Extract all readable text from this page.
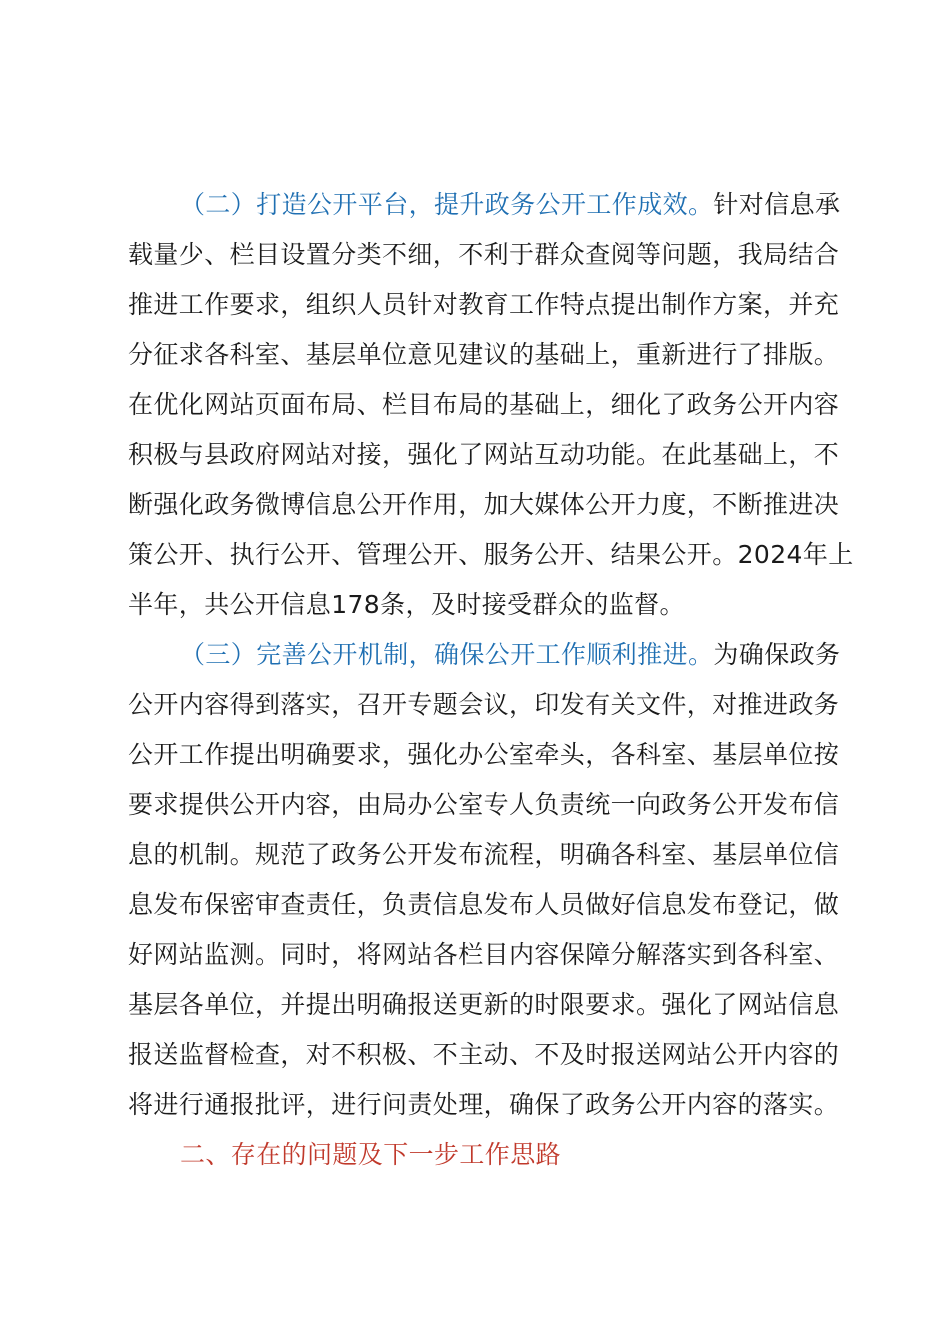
（二）打造公开平台，提升政务公开工作成效。针对信息承
载量少、栏目设置分类不细，不利于群众查阅等问题，我局结合
推进工作要求，组织人员针对教育工作特点提出制作方案，并充
分征求各科室、基层单位意见建议的基础上，重新进行了排版。
在优化网站页面布局、栏目布局的基础上，细化了政务公开内容
积极与县政府网站对接，强化了网站互动功能。在此基础上，不
断强化政务微博信息公开作用，加大媒体公开力度，不断推进决
策公开、执行公开、管理公开、服务公开、结果公开。2024年上
半年，共公开信息178条，及时接受群众的监督。
（三）完善公开机制，确保公开工作顺利推进。为确保政务
公开内容得到落实，召开专题会议，印发有关文件，对推进政务
公开工作提出明确要求，强化办公室牵头，各科室、基层单位按
要求提供公开内容，由局办公室专人负责统一向政务公开发布信
息的机制。规范了政务公开发布流程，明确各科室、基层单位信
息发布保密审查责任，负责信息发布人员做好信息发布登记，做
好网站监测。同时，将网站各栏目内容保障分解落实到各科室、
基层各单位，并提出明确报送更新的时限要求。强化了网站信息
报送监督检查，对不积极、不主动、不及时报送网站公开内容的
将进行通报批评，进行问责处理，确保了政务公开内容的落实。
二、存在的问题及下一步工作思路
